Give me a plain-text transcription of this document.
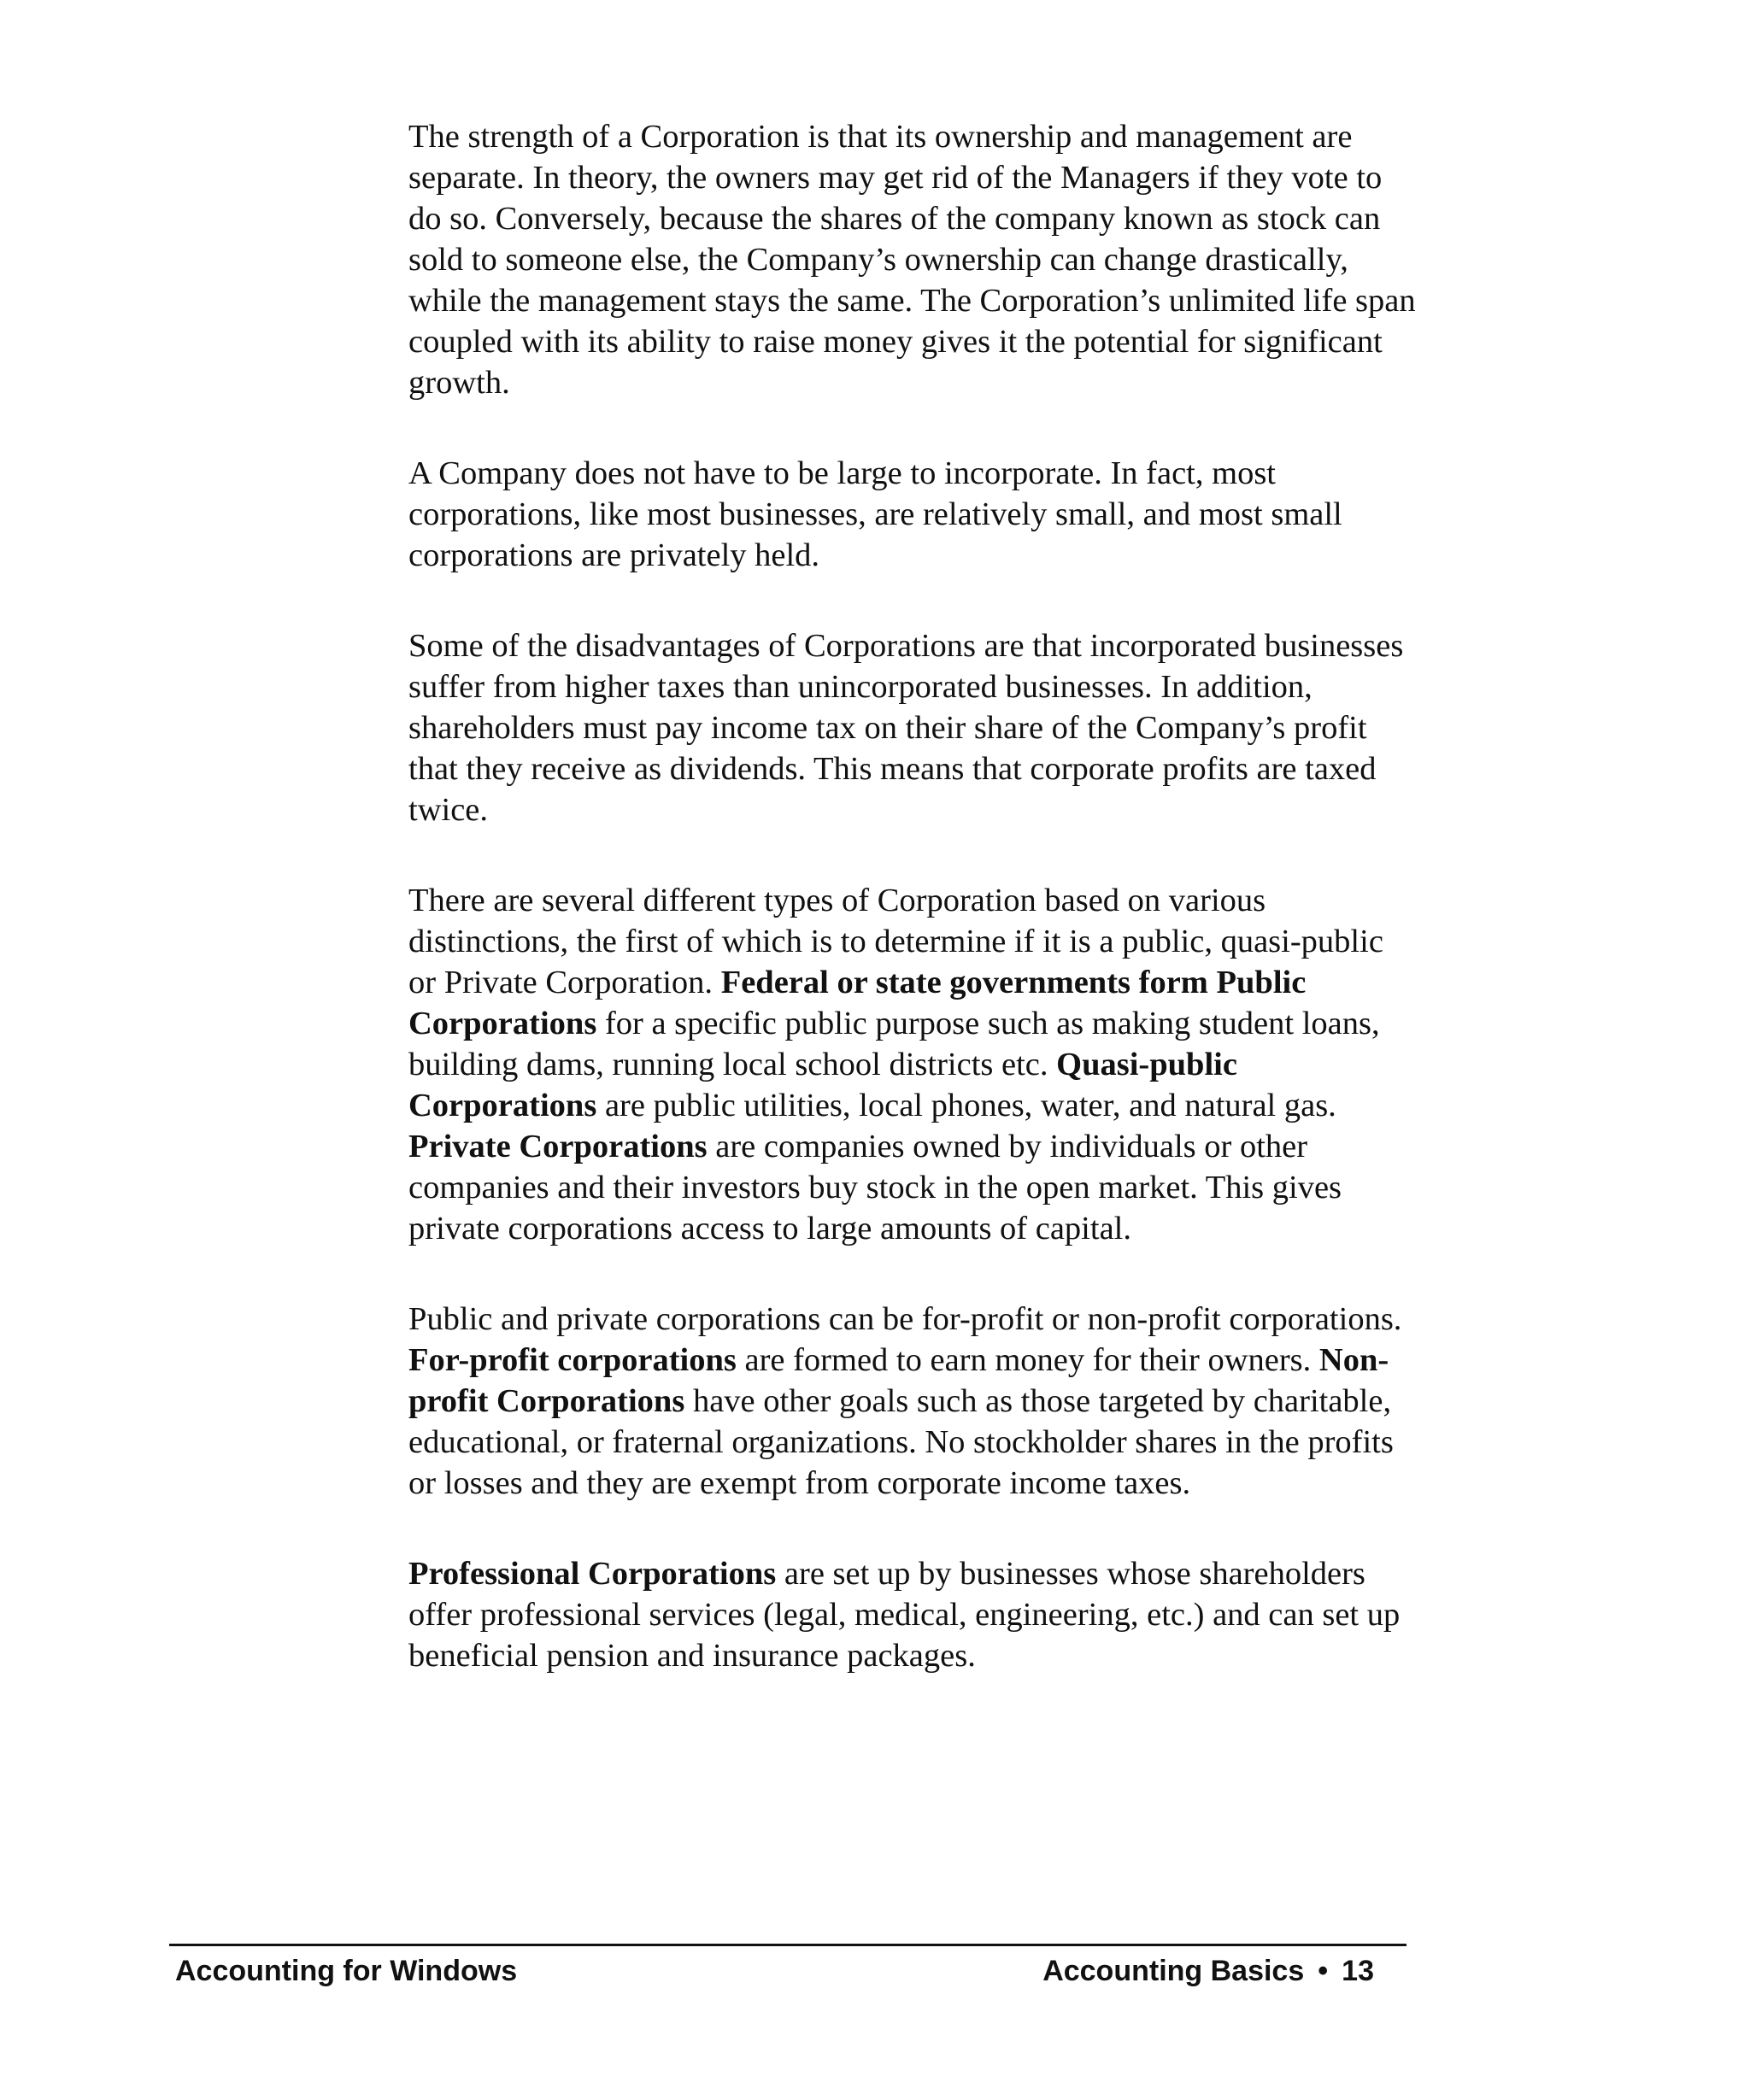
The strength of a Corporation is that its ownership and management are separate. In theory, the owners may get rid of the Managers if they vote to do so. Conversely, because the shares of the company known as stock can sold to someone else, the Company’s ownership can change drastically, while the management stays the same. The Corporation’s unlimited life span coupled with its ability to raise money gives it the potential for significant growth.

A Company does not have to be large to incorporate. In fact, most corporations, like most businesses, are relatively small, and most small corporations are privately held.

Some of the disadvantages of Corporations are that incorporated businesses suffer from higher taxes than unincorporated businesses. In addition, shareholders must pay income tax on their share of the Company’s profit that they receive as dividends. This means that corporate profits are taxed twice.

There are several different types of Corporation based on various distinctions, the first of which is to determine if it is a public, quasi-public or Private Corporation. Federal or state governments form Public Corporations for a specific public purpose such as making student loans, building dams, running local school districts etc. Quasi-public Corporations are public utilities, local phones, water, and natural gas. Private Corporations are companies owned by individuals or other companies and their investors buy stock in the open market. This gives private corporations access to large amounts of capital.

Public and private corporations can be for-profit or non-profit corporations. For-profit corporations are formed to earn money for their owners. Non-profit Corporations have other goals such as those targeted by charitable, educational, or fraternal organizations. No stockholder shares in the profits or losses and they are exempt from corporate income taxes.

Professional Corporations are set up by businesses whose shareholders offer professional services (legal, medical, engineering, etc.) and can set up beneficial pension and insurance packages.

Accounting for Windows	Accounting Basics • 13
